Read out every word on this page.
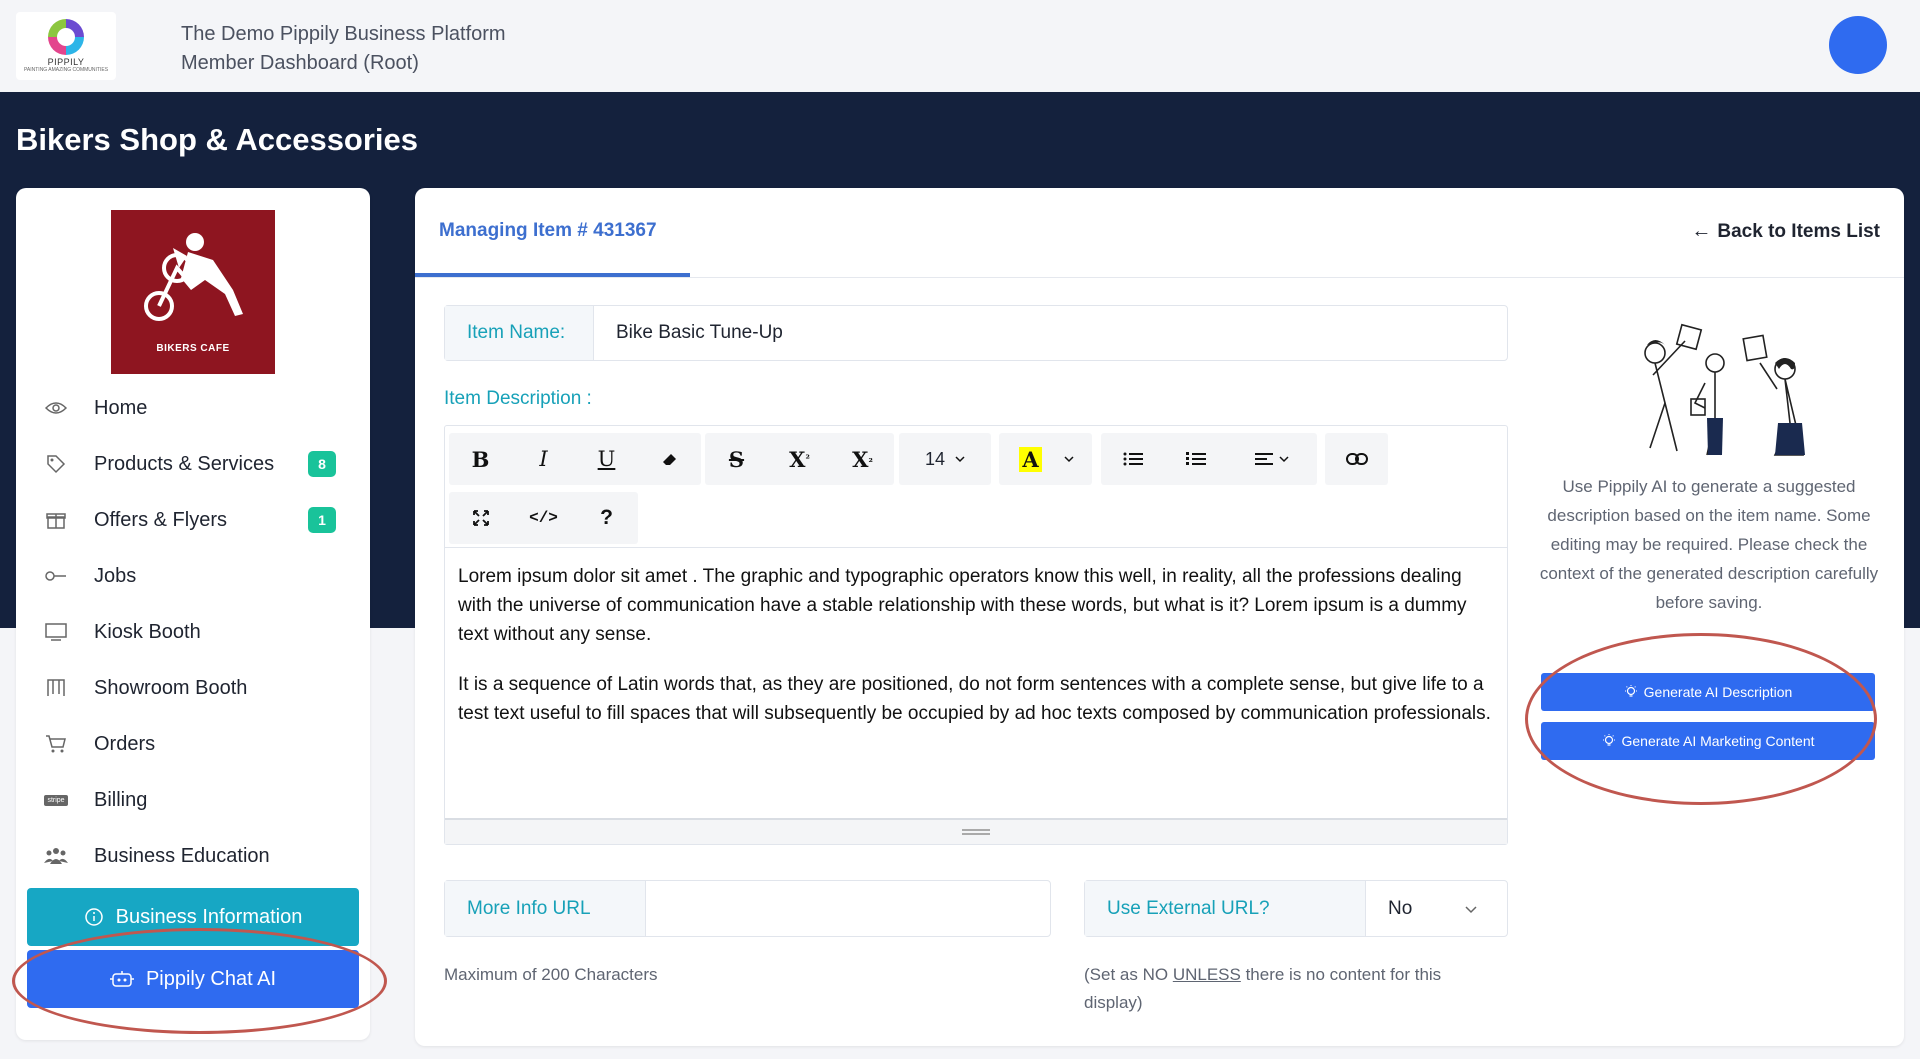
PIPPILY
PAINTING AMAZING COMMUNITIES
The Demo Pippily Business Platform
Member Dashboard (Root)
Bikers Shop & Accessories
BIKERS CAFE
Home
Products & Services	8
Offers & Flyers	1
Jobs
Kiosk Booth
Showroom Booth
Orders
stripe Billing
Business Education
Business Information
Pippily Chat AI
Managing Item # 431367	← Back to Items List
Item Name:	Bike Basic Tune-Up
Item Description :
B	I	U	S	X ²	X ₂	14	A
</>	?

Lorem ipsum dolor sit amet . The graphic and typographic operators know this well, in reality, all the professions dealing with the universe of communication have a stable relationship with these words, but what is it? Lorem ipsum is a dummy text without any sense.

It is a sequence of Latin words that, as they are positioned, do not form sentences with a complete sense, but give life to a test text useful to fill spaces that will subsequently be occupied by ad hoc texts composed by communication professionals.

More Info URL
Maximum of 200 Characters
Use External URL?	No
(Set as NO UNLESS there is no content for this display)
Use Pippily AI to generate a suggested description based on the item name. Some editing may be required. Please check the context of the generated description carefully before saving.
Generate AI Description
Generate AI Marketing Content
